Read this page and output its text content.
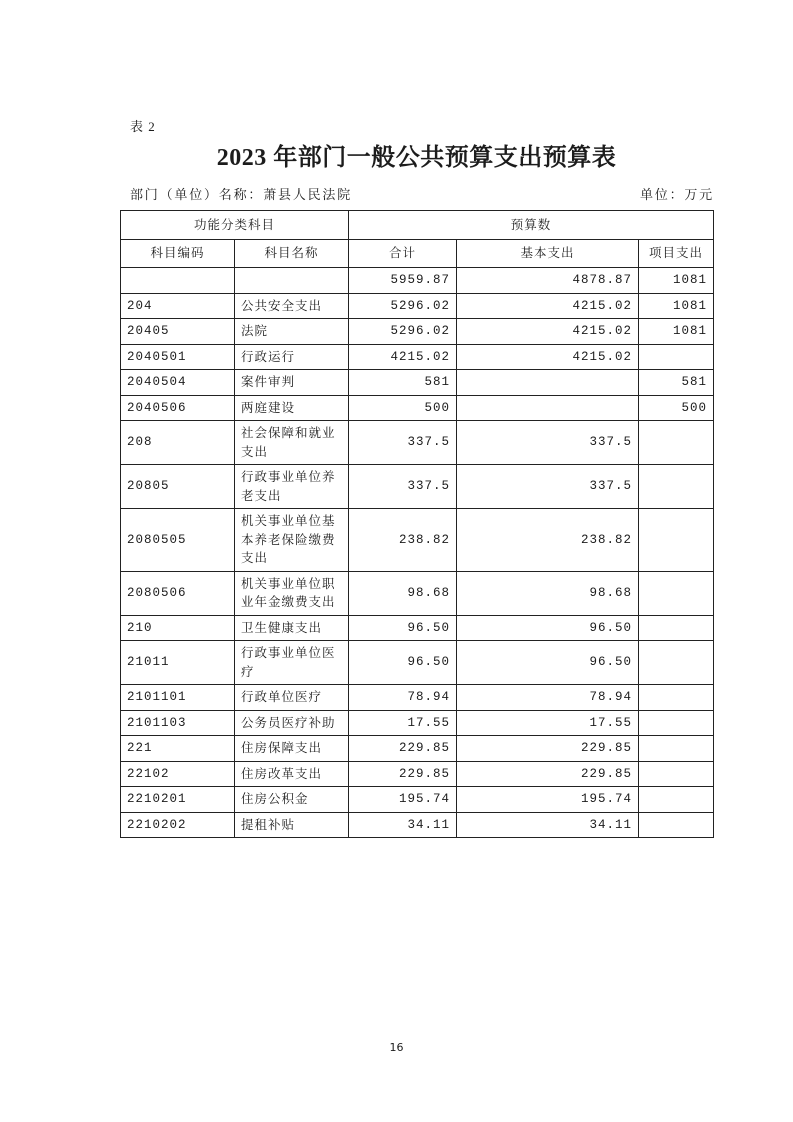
表 2
2023 年部门一般公共预算支出预算表
部门（单位）名称：萧县人民法院	单位：万元
功能分类科目		预算数		
科目编码	科目名称	合计	基本支出	项目支出
		5959.87	4878.87	1081
204	公共安全支出	5296.02	4215.02	1081
20405	法院	5296.02	4215.02	1081
2040501	行政运行	4215.02	4215.02	
2040504	案件审判	581		581
2040506	两庭建设	500		500
208	社会保障和就业支出	337.5	337.5	
20805	行政事业单位养老支出	337.5	337.5	
2080505	机关事业单位基本养老保险缴费支出	238.82	238.82	
2080506	机关事业单位职业年金缴费支出	98.68	98.68	
210	卫生健康支出	96.50	96.50	
21011	行政事业单位医疗	96.50	96.50	
2101101	行政单位医疗	78.94	78.94	
2101103	公务员医疗补助	17.55	17.55	
221	住房保障支出	229.85	229.85	
22102	住房改革支出	229.85	229.85	
2210201	住房公积金	195.74	195.74	
2210202	提租补贴	34.11	34.11	
16
